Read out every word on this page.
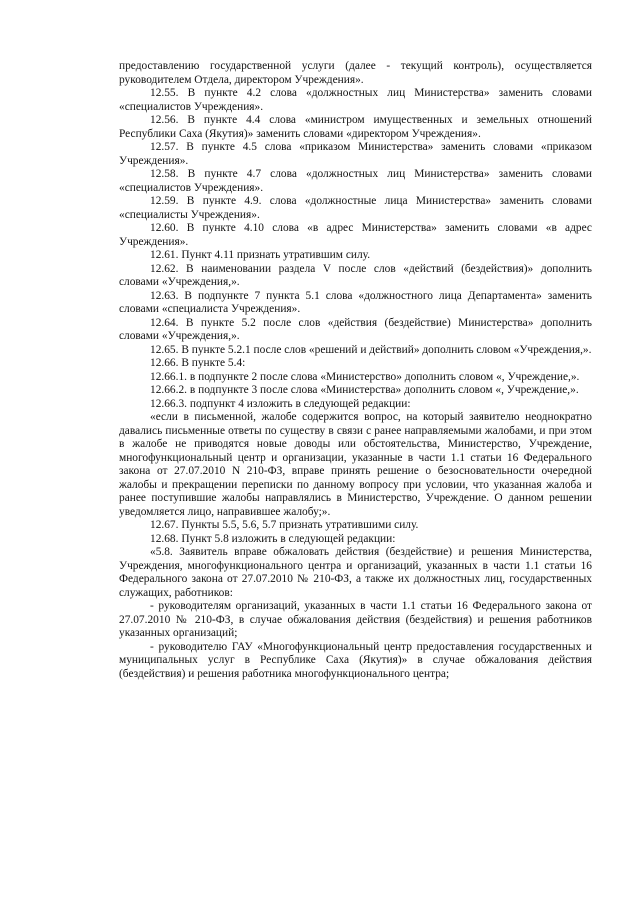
предоставлению государственной услуги (далее - текущий контроль), осуществляется руководителем Отдела, директором Учреждения».

12.55. В пункте 4.2 слова «должностных лиц Министерства» заменить словами «специалистов Учреждения».

12.56. В пункте 4.4 слова «министром имущественных и земельных отношений Республики Саха (Якутия)» заменить словами «директором Учреждения».

12.57. В пункте 4.5 слова «приказом Министерства» заменить словами «приказом Учреждения».

12.58. В пункте 4.7 слова «должностных лиц Министерства» заменить словами «специалистов Учреждения».

12.59. В пункте 4.9. слова «должностные лица Министерства» заменить словами «специалисты Учреждения».

12.60. В пункте 4.10 слова «в адрес Министерства» заменить словами «в адрес Учреждения».

12.61. Пункт 4.11 признать утратившим силу.

12.62. В наименовании раздела V после слов «действий (бездействия)» дополнить словами «Учреждения,».

12.63. В подпункте 7 пункта 5.1 слова «должностного лица Департамента» заменить словами «специалиста Учреждения».

12.64. В пункте 5.2 после слов «действия (бездействие) Министерства» дополнить словами «Учреждения,».

12.65. В пункте 5.2.1 после слов «решений и действий» дополнить словом «Учреждения,».

12.66. В пункте 5.4:

12.66.1. в подпункте 2 после слова «Министерство» дополнить словом «, Учреждение,».

12.66.2. в подпункте 3 после слова «Министерства» дополнить словом «, Учреждение,».

12.66.3. подпункт 4 изложить в следующей редакции:

«если в письменной, жалобе содержится вопрос, на который заявителю неоднократно давались письменные ответы по существу в связи с ранее направляемыми жалобами, и при этом в жалобе не приводятся новые доводы или обстоятельства, Министерство, Учреждение, многофункциональный центр и организации, указанные в части 1.1 статьи 16 Федерального закона от 27.07.2010 N 210-ФЗ, вправе принять решение о безосновательности очередной жалобы и прекращении переписки по данному вопросу при условии, что указанная жалоба и ранее поступившие жалобы направлялись в Министерство, Учреждение. О данном решении уведомляется лицо, направившее жалобу;».

12.67. Пункты 5.5, 5.6, 5.7 признать утратившими силу.

12.68. Пункт 5.8 изложить в следующей редакции:

«5.8. Заявитель вправе обжаловать действия (бездействие) и решения Министерства, Учреждения, многофункционального центра и организаций, указанных в части 1.1 статьи 16 Федерального закона от 27.07.2010 № 210-ФЗ, а также их должностных лиц, государственных служащих, работников:

- руководителям организаций, указанных в части 1.1 статьи 16 Федерального закона от 27.07.2010 № 210-ФЗ, в случае обжалования действия (бездействия) и решения работников указанных организаций;

- руководителю ГАУ «Многофункциональный центр предоставления государственных и муниципальных услуг в Республике Саха (Якутия)» в случае обжалования действия (бездействия) и решения работника многофункционального центра;
